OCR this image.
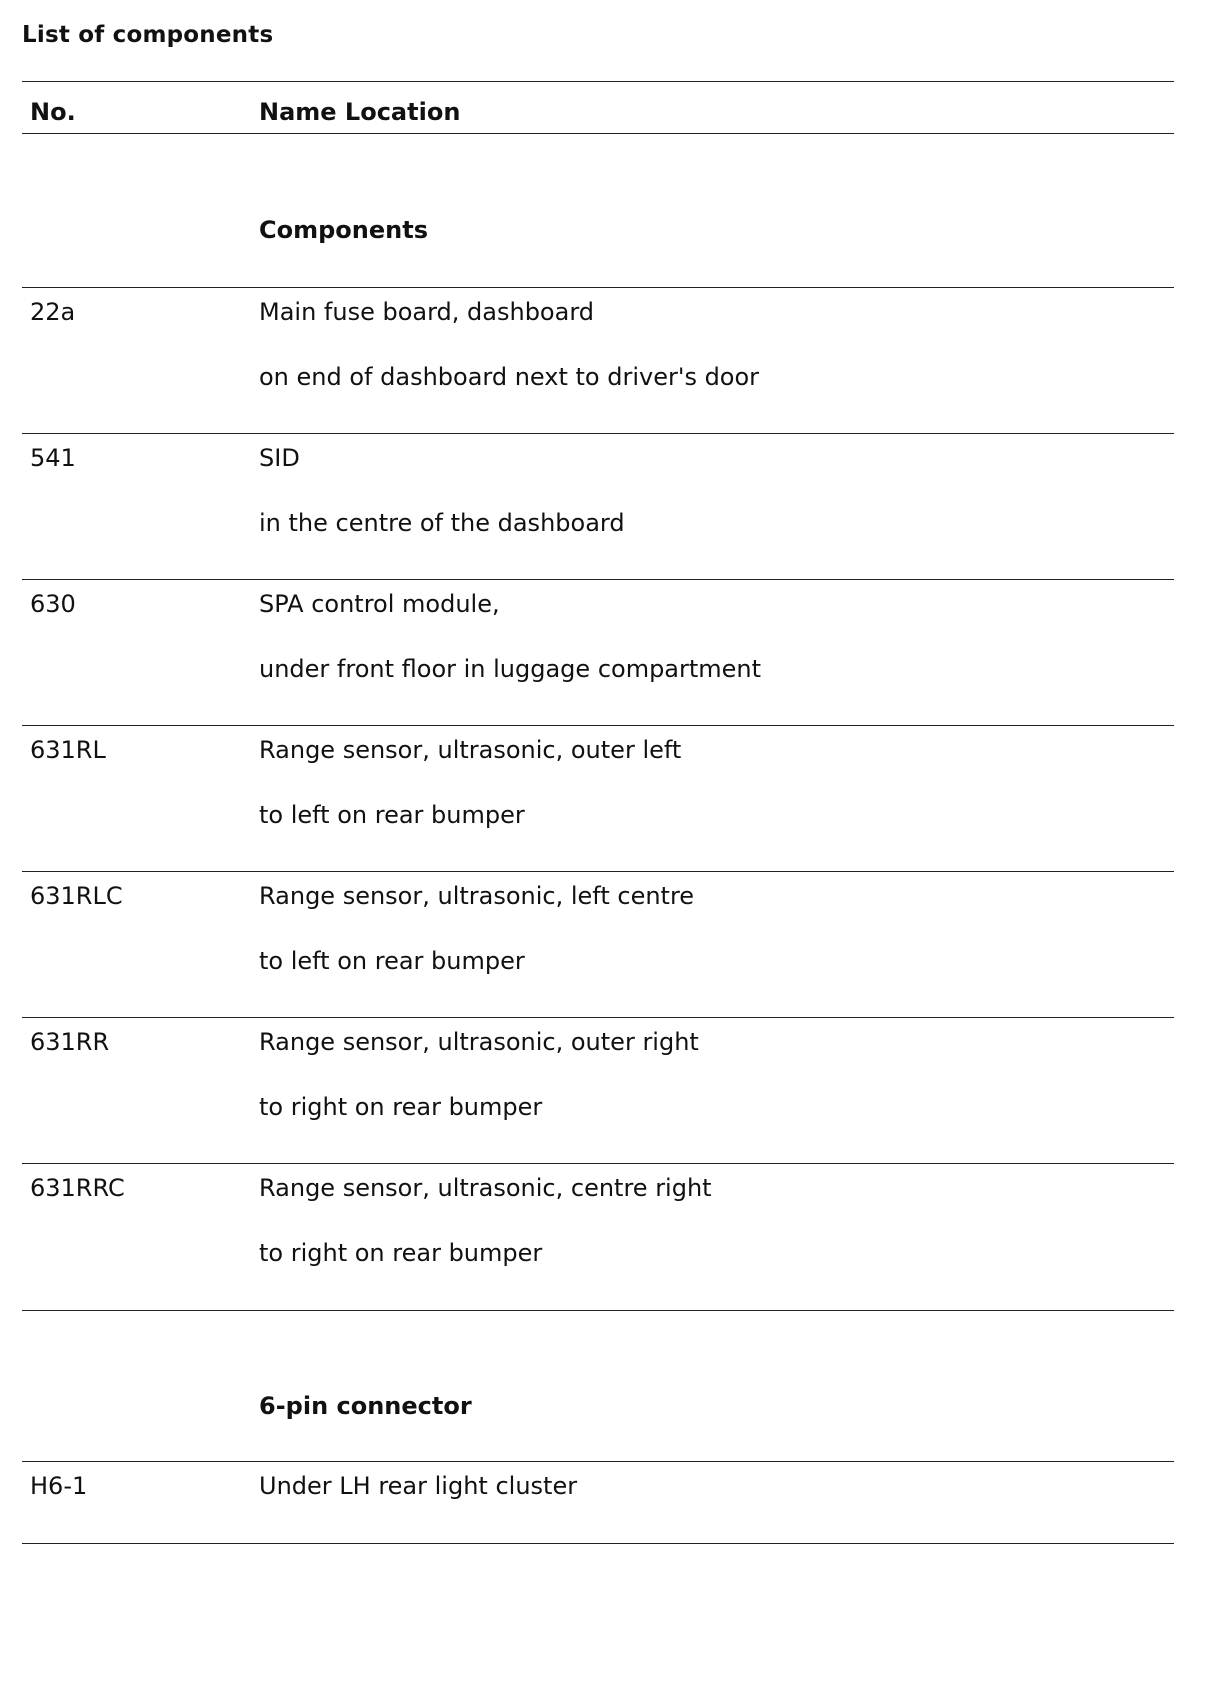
List of components
No.	Name Location
Components
22a	Main fuse board, dashboard
on end of dashboard next to driver's door
541	SID
in the centre of the dashboard
630	SPA control module,
under front floor in luggage compartment
631RL	Range sensor, ultrasonic, outer left
to left on rear bumper
631RLC	Range sensor, ultrasonic, left centre
to left on rear bumper
631RR	Range sensor, ultrasonic, outer right
to right on rear bumper
631RRC	Range sensor, ultrasonic, centre right
to right on rear bumper
6-pin connector
H6-1	Under LH rear light cluster
